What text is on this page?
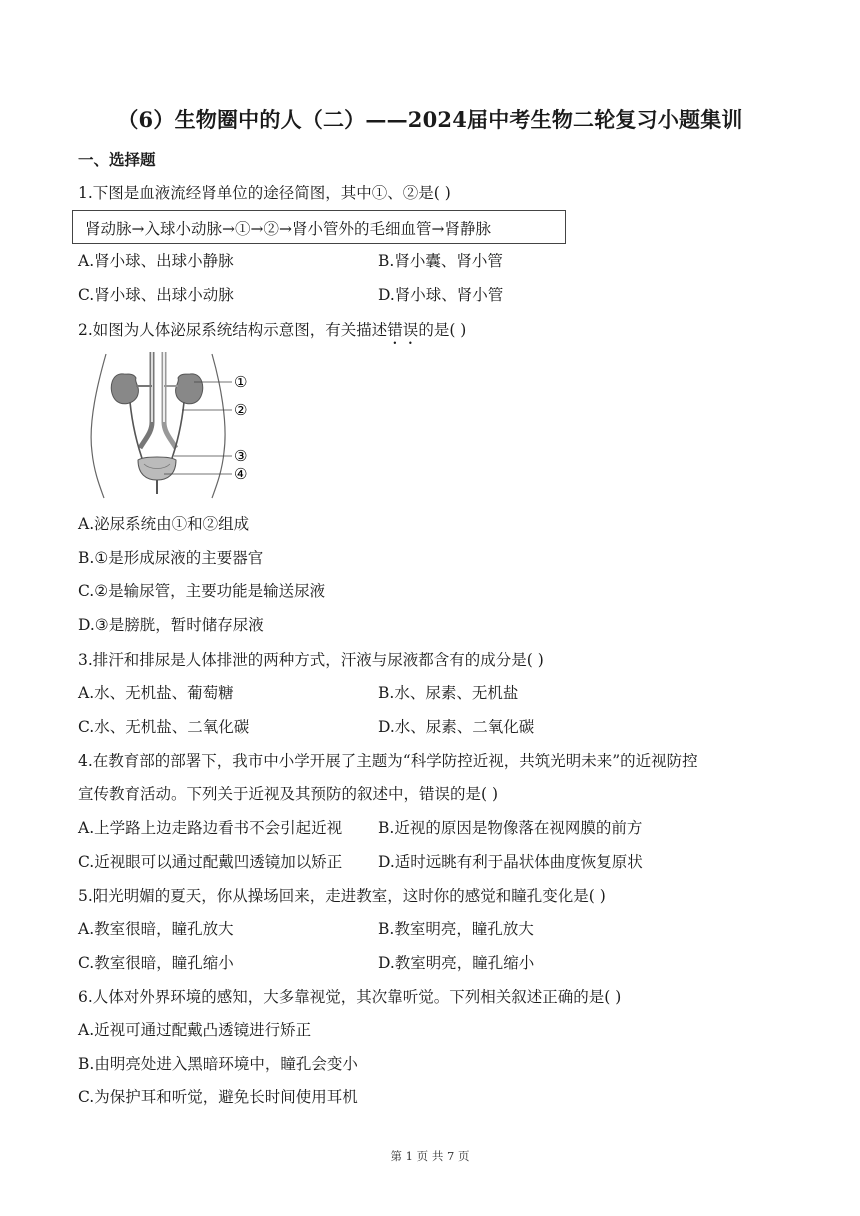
（6）生物圈中的人（二）——2024届中考生物二轮复习小题集训
一、选择题
1.下图是血液流经肾单位的途径简图，其中①、②是( )
肾动脉→入球小动脉→①→②→肾小管外的毛细血管→肾静脉
A.肾小球、出球小静脉	B.肾小囊、肾小管
C.肾小球、出球小动脉	D.肾小球、肾小管
2.如图为人体泌尿系统结构示意图，有关描述错误的是( )
①
②
③
④
A.泌尿系统由①和②组成
B.①是形成尿液的主要器官
C.②是输尿管，主要功能是输送尿液
D.③是膀胱，暂时储存尿液
3.排汗和排尿是人体排泄的两种方式，汗液与尿液都含有的成分是( )
A.水、无机盐、葡萄糖	B.水、尿素、无机盐
C.水、无机盐、二氧化碳	D.水、尿素、二氧化碳
4.在教育部的部署下，我市中小学开展了主题为“科学防控近视，共筑光明未来”的近视防控
宣传教育活动。下列关于近视及其预防的叙述中，错误的是( )
A.上学路上边走路边看书不会引起近视 B.近视的原因是物像落在视网膜的前方
C.近视眼可以通过配戴凹透镜加以矫正 D.适时远眺有利于晶状体曲度恢复原状
5.阳光明媚的夏天，你从操场回来，走进教室，这时你的感觉和瞳孔变化是( )
A.教室很暗，瞳孔放大	B.教室明亮，瞳孔放大
C.教室很暗，瞳孔缩小	D.教室明亮，瞳孔缩小
6.人体对外界环境的感知，大多靠视觉，其次靠听觉。下列相关叙述正确的是( )
A.近视可通过配戴凸透镜进行矫正
B.由明亮处进入黑暗环境中，瞳孔会变小
C.为保护耳和听觉，避免长时间使用耳机
第 1 页 共 7 页
